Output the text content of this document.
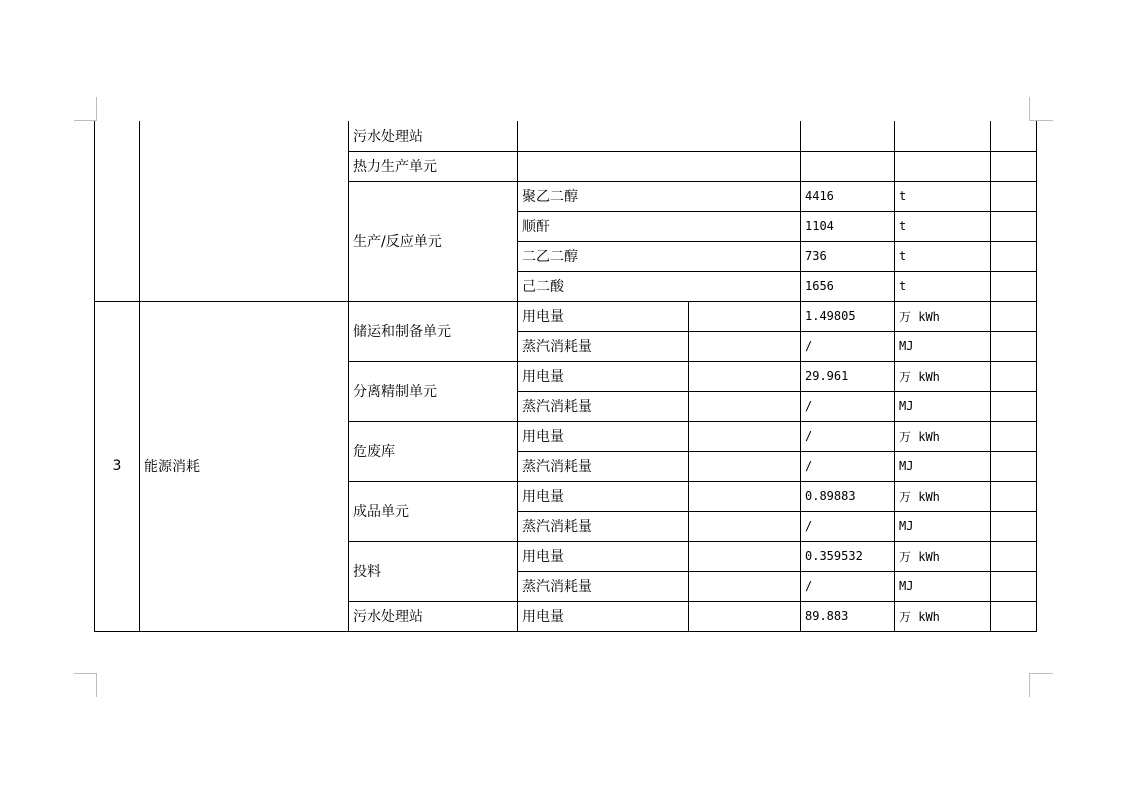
		污水处理站					
		热力生产单元					
		生产/反应单元	聚乙二醇		4416	t	
			顺酐		1104	t	
			二乙二醇		736	t	
			己二酸		1656	t	
3	能源消耗	储运和制备单元	用电量		1.49805	万 kWh	
			蒸汽消耗量		/	MJ	
		分离精制单元	用电量		29.961	万 kWh	
			蒸汽消耗量		/	MJ	
		危废库	用电量		/	万 kWh	
			蒸汽消耗量		/	MJ	
		成品单元	用电量		0.89883	万 kWh	
			蒸汽消耗量		/	MJ	
		投料	用电量		0.359532	万 kWh	
			蒸汽消耗量		/	MJ	
		污水处理站	用电量		89.883	万 kWh	
